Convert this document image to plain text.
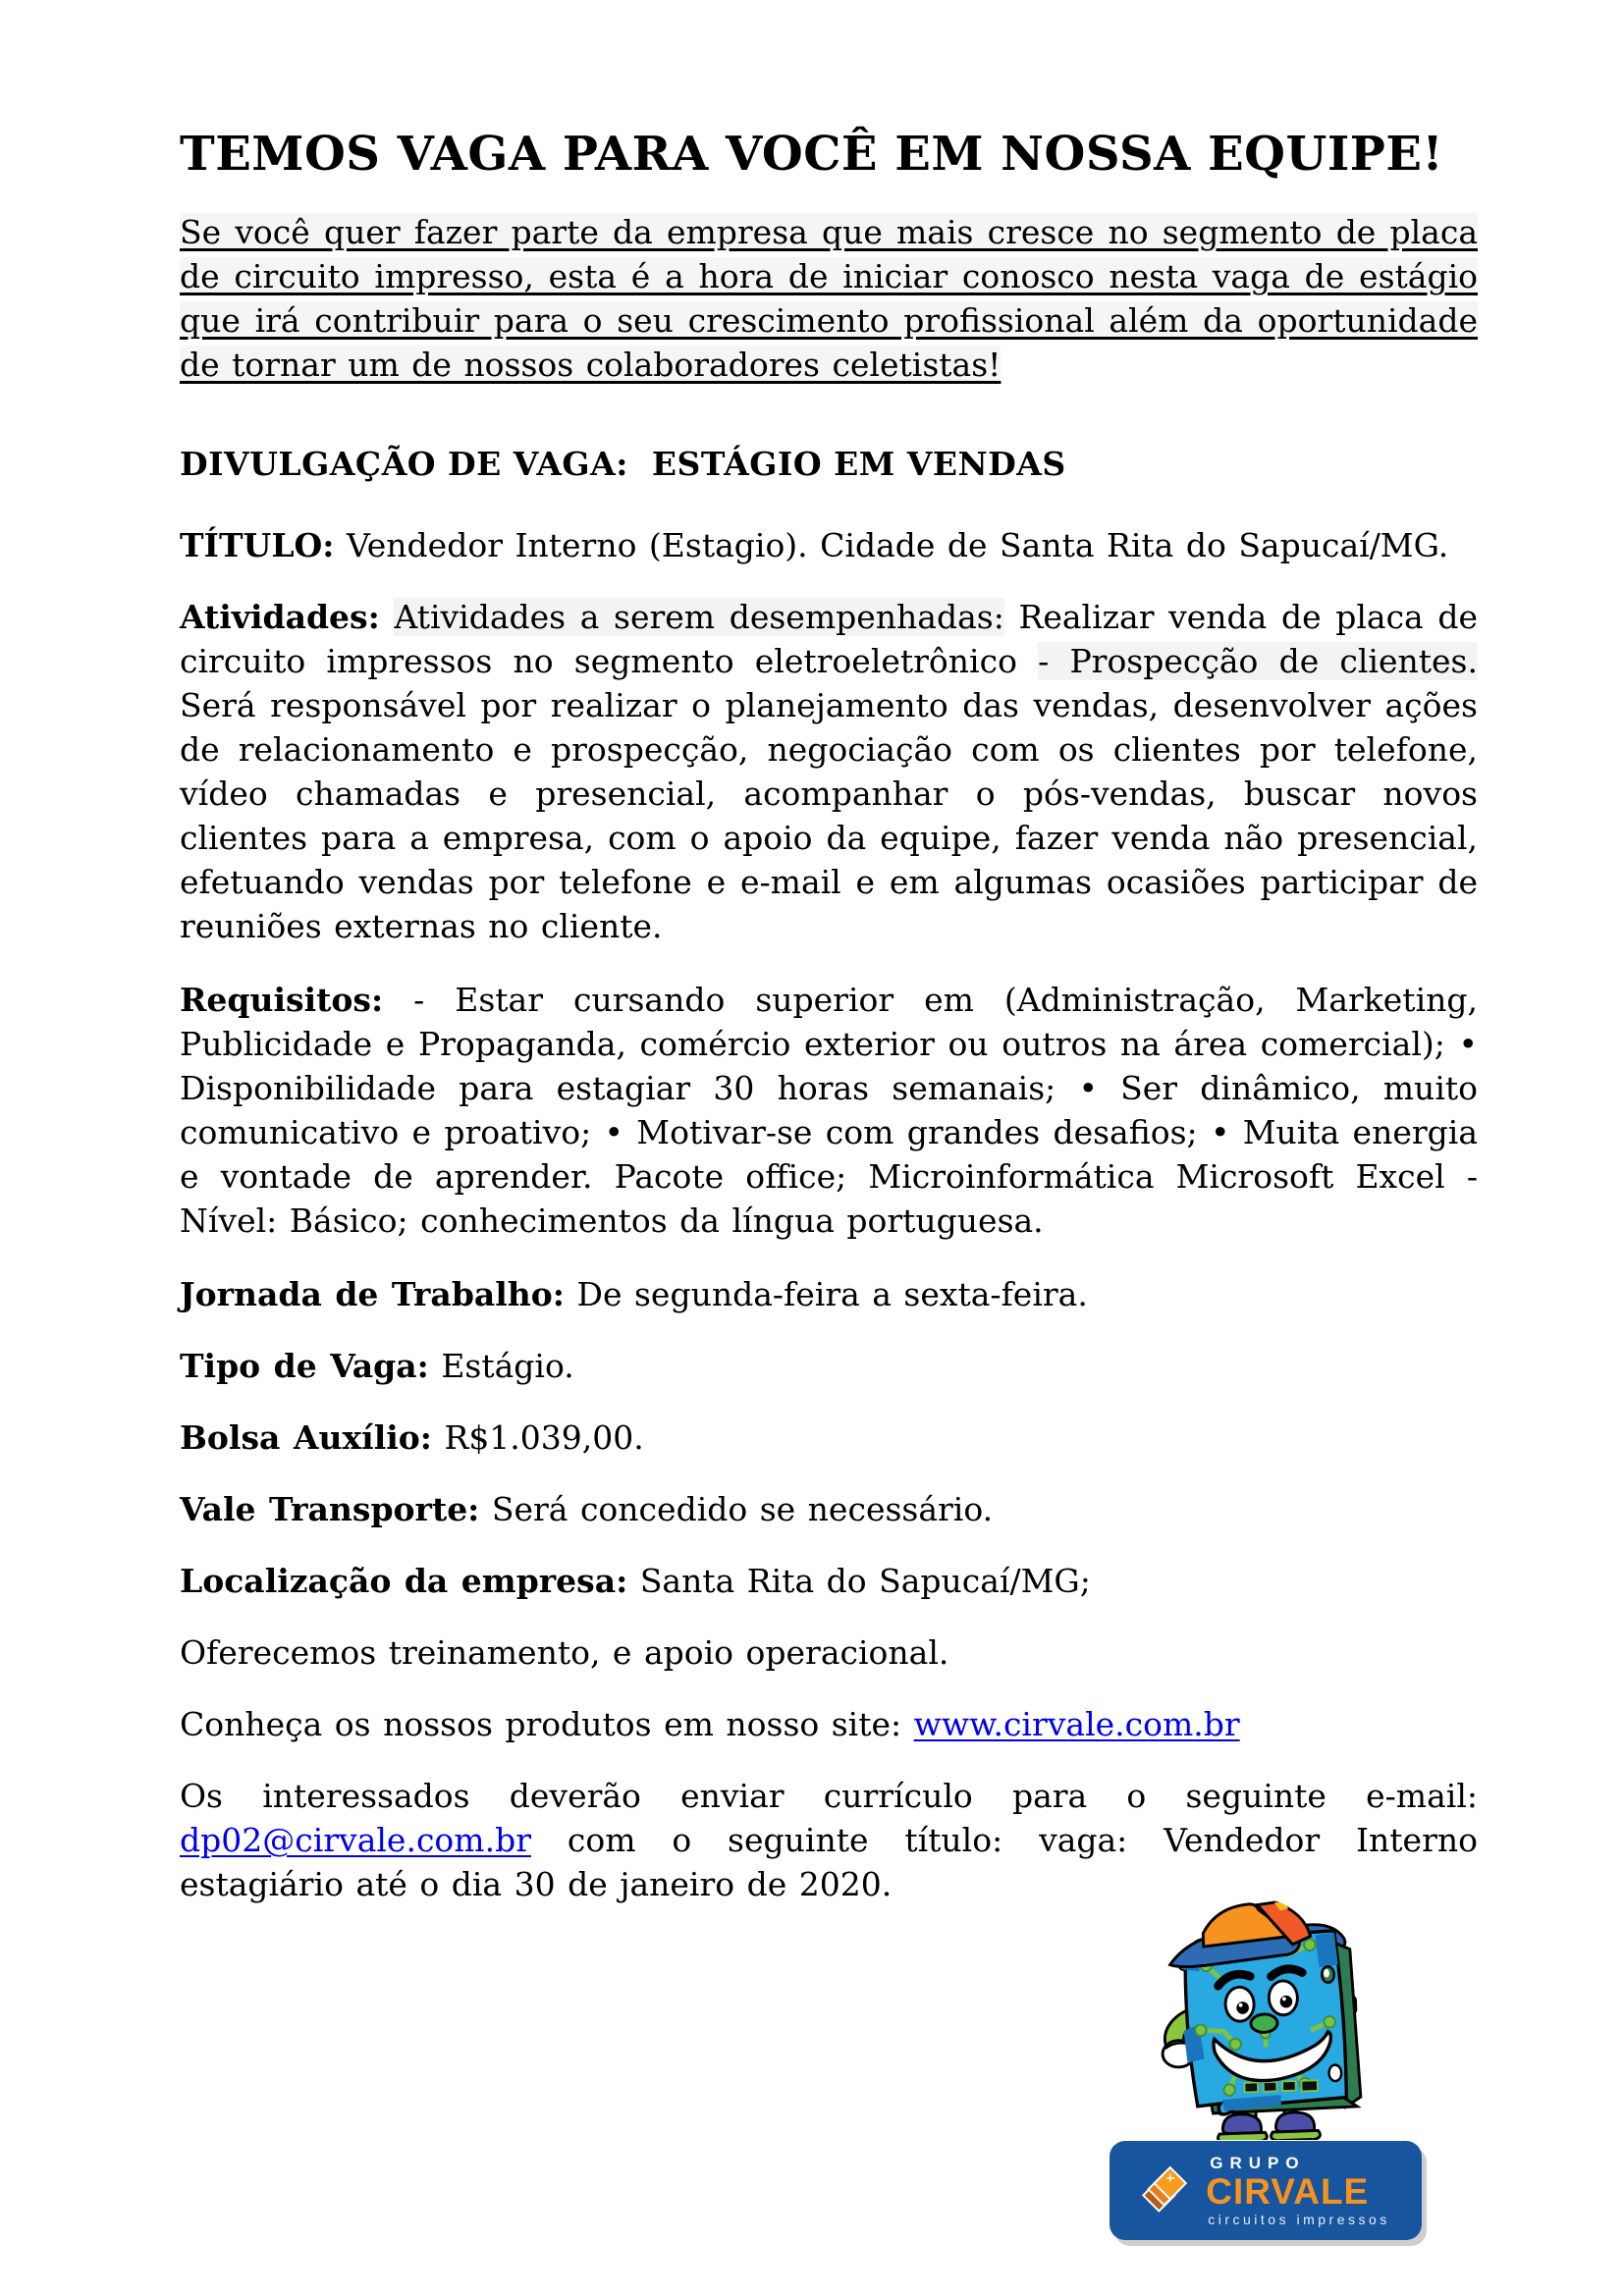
TEMOS VAGA PARA VOCÊ EM NOSSA EQUIPE!

Se você quer fazer parte da empresa que mais cresce no segmento de placa de circuito impresso, esta é a hora de iniciar conosco nesta vaga de estágio que irá contribuir para o seu crescimento profissional além da oportunidade de tornar um de nossos colaboradores celetistas!

DIVULGAÇÃO DE VAGA:  ESTÁGIO EM VENDAS

TÍTULO: Vendedor Interno (Estagio). Cidade de Santa Rita do Sapucaí/MG.

Atividades: Atividades a serem desempenhadas: Realizar venda de placa de circuito impressos no segmento eletroeletrônico - Prospecção de clientes. Será responsável por realizar o planejamento das vendas, desenvolver ações de relacionamento e prospecção, negociação com os clientes por telefone, vídeo chamadas e presencial, acompanhar o pós-vendas, buscar novos clientes para a empresa, com o apoio da equipe, fazer venda não presencial, efetuando vendas por telefone e e-mail e em algumas ocasiões participar de reuniões externas no cliente.

Requisitos: - Estar cursando superior em (Administração, Marketing, Publicidade e Propaganda, comércio exterior ou outros na área comercial); • Disponibilidade para estagiar 30 horas semanais; • Ser dinâmico, muito comunicativo e proativo; • Motivar-se com grandes desafios; • Muita energia e vontade de aprender. Pacote office; Microinformática Microsoft Excel - Nível: Básico; conhecimentos da língua portuguesa.

Jornada de Trabalho: De segunda-feira a sexta-feira.

Tipo de Vaga: Estágio.

Bolsa Auxílio: R$1.039,00.

Vale Transporte: Será concedido se necessário.

Localização da empresa: Santa Rita do Sapucaí/MG;

Oferecemos treinamento, e apoio operacional.

Conheça os nossos produtos em nosso site: www.cirvale.com.br

Os interessados deverão enviar currículo para o seguinte e-mail: dp02@cirvale.com.br com o seguinte título: vaga: Vendedor Interno estagiário até o dia 30 de janeiro de 2020.

GRUPO
CIRVALE
circuitos impressos
